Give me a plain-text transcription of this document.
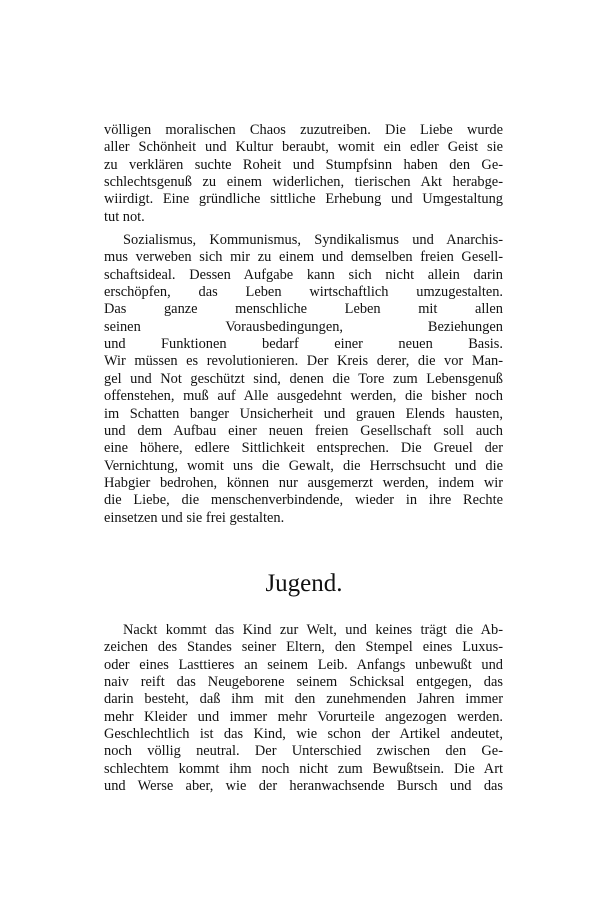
völligen moralischen Chaos zuzutreiben. Die Liebe wurde
aller Schönheit und Kultur beraubt, womit ein edler Geist sie
zu verklären suchte Roheit und Stumpfsinn haben den Ge-
schlechtsgenuß zu einem widerlichen, tierischen Akt herabge-
wiirdigt. Eine gründliche sittliche Erhebung und Umgestaltung
tut not.
Sozialismus, Kommunismus, Syndikalismus und Anarchis-
mus verweben sich mir zu einem und demselben freien Gesell-
schaftsideal. Dessen Aufgabe kann sich nicht allein darin
erschöpfen, das Leben wirtschaftlich umzugestalten.
Das ganze menschliche Leben mit allen
seinen Vorausbedingungen, Beziehungen
und Funktionen bedarf einer neuen Basis.
Wir müssen es revolutionieren. Der Kreis derer, die vor Man-
gel und Not geschützt sind, denen die Tore zum Lebensgenuß
offenstehen, muß auf Alle ausgedehnt werden, die bisher noch
im Schatten banger Unsicherheit und grauen Elends hausten,
und dem Aufbau einer neuen freien Gesellschaft soll auch
eine höhere, edlere Sittlichkeit entsprechen. Die Greuel der
Vernichtung, womit uns die Gewalt, die Herrschsucht und die
Habgier bedrohen, können nur ausgemerzt werden, indem wir
die Liebe, die menschenverbindende, wieder in ihre Rechte
einsetzen und sie frei gestalten.
Jugend.
Nackt kommt das Kind zur Welt, und keines trägt die Ab-
zeichen des Standes seiner Eltern, den Stempel eines Luxus-
oder eines Lasttieres an seinem Leib. Anfangs unbewußt und
naiv reift das Neugeborene seinem Schicksal entgegen, das
darin besteht, daß ihm mit den zunehmenden Jahren immer
mehr Kleider und immer mehr Vorurteile angezogen werden.
Geschlechtlich ist das Kind, wie schon der Artikel andeutet,
noch völlig neutral. Der Unterschied zwischen den Ge-
schlechtem kommt ihm noch nicht zum Bewußtsein. Die Art
und Werse aber, wie der heranwachsende Bursch und das
